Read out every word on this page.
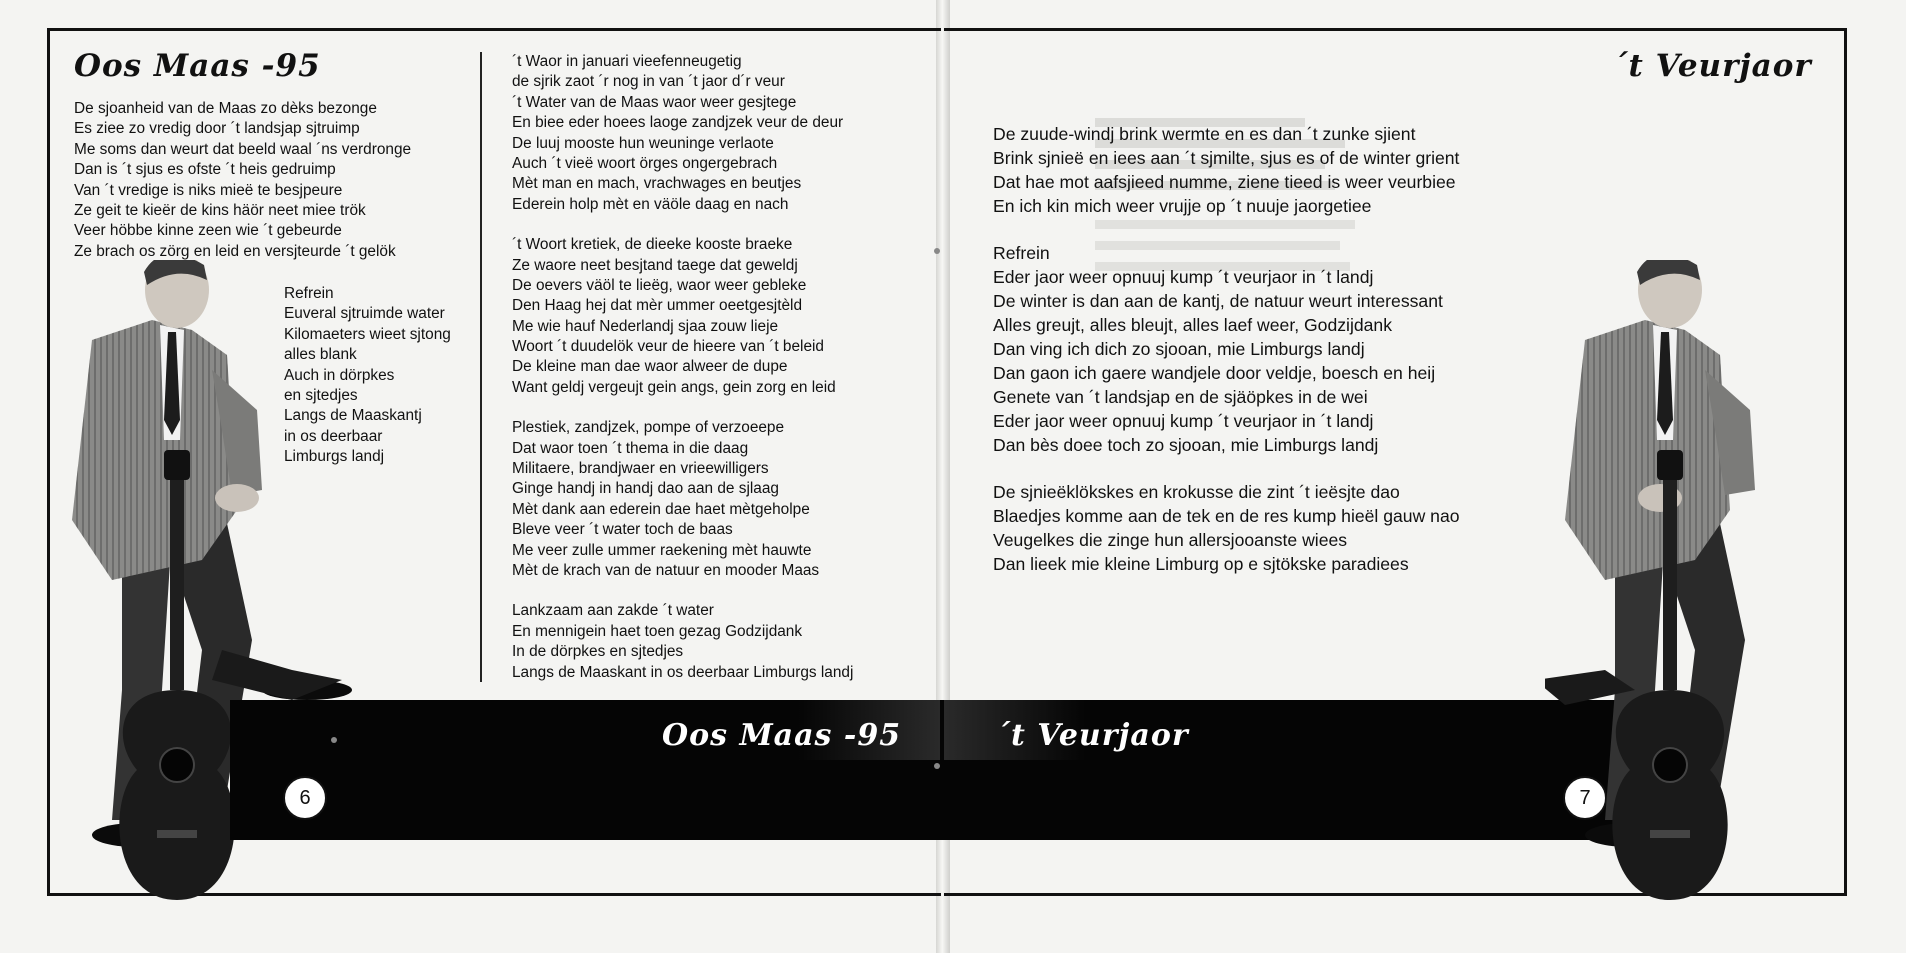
Oos Maas -95
De sjoanheid van de Maas zo dèks bezonge
Es ziee zo vredig door ´t landsjap sjtruimp
Me soms dan weurt dat beeld waal ´ns verdronge
Dan is ´t sjus es ofste ´t heis gedruimp
Van ´t vredige is niks mieë te besjpeure
Ze geit te kieër de kins häör neet miee trök
Veer höbbe kinne zeen wie ´t gebeurde
Ze brach os zörg en leid en versjteurde ´t gelök
Refrein
Euveral sjtruimde water
Kilomaeters wieet sjtong
alles blank
Auch in dörpkes
en sjtedjes
Langs de Maaskantj
in os deerbaar
Limburgs landj
´t Waor in januari vieefenneugetig
de sjrik zaot ´r nog in van ´t jaor d´r veur
´t Water van de Maas waor weer gesjtege
En biee eder hoees laoge zandjzek veur de deur
De luuj mooste hun weuninge verlaote
Auch ´t vieë woort örges ongergebrach
Mèt man en mach, vrachwages en beutjes
Ederein holp mèt en väöle daag en nach
´t Woort kretiek, de dieeke kooste braeke
Ze waore neet besjtand taege dat geweldj
De oevers väöl te lieëg, waor weer gebleke
Den Haag hej dat mèr ummer oeetgesjtèld
Me wie hauf Nederlandj sjaa zouw lieje
Woort ´t duudelök veur de hieere van ´t beleid
De kleine man dae waor alweer de dupe
Want geldj vergeujt gein angs, gein zorg en leid
Plestiek, zandjzek, pompe of verzoeepe
Dat waor toen ´t thema in die daag
Militaere, brandjwaer en vrieewilligers
Ginge handj in handj dao aan de sjlaag
Mèt dank aan ederein dae haet mètgeholpe
Bleve veer ´t water toch de baas
Me veer zulle ummer raekening mèt hauwte
Mèt de krach van de natuur en mooder Maas
Lankzaam aan zakde ´t water
En mennigein haet toen gezag Godzijdank
In de dörpkes en sjtedjes
Langs de Maaskant in os deerbaar Limburgs landj
Oos Maas -95	´t Veurjaor
6	7
´t Veurjaor
De zuude-windj brink wermte en es dan ´t zunke sjient
Brink sjnieë en iees aan ´t sjmilte, sjus es of de winter grient
Dat hae mot aafsjieed numme, ziene tieed is weer veurbiee
En ich kin mich weer vrujje op ´t nuuje jaorgetiee
Refrein
Eder jaor weer opnuuj kump ´t veurjaor in ´t landj
De winter is dan aan de kantj, de natuur weurt interessant
Alles greujt, alles bleujt, alles laef weer, Godzijdank
Dan ving ich dich zo sjooan, mie Limburgs landj
Dan gaon ich gaere wandjele door veldje, boesch en heij
Genete van ´t landsjap en de sjäöpkes in de wei
Eder jaor weer opnuuj kump ´t veurjaor in ´t landj
Dan bès doee toch zo sjooan, mie Limburgs landj
De sjnieëklökskes en krokusse die zint ´t ieësjte dao
Blaedjes komme aan de tek en de res kump hieël gauw nao
Veugelkes die zinge hun allersjooanste wiees
Dan lieek mie kleine Limburg op e sjtökske paradiees
